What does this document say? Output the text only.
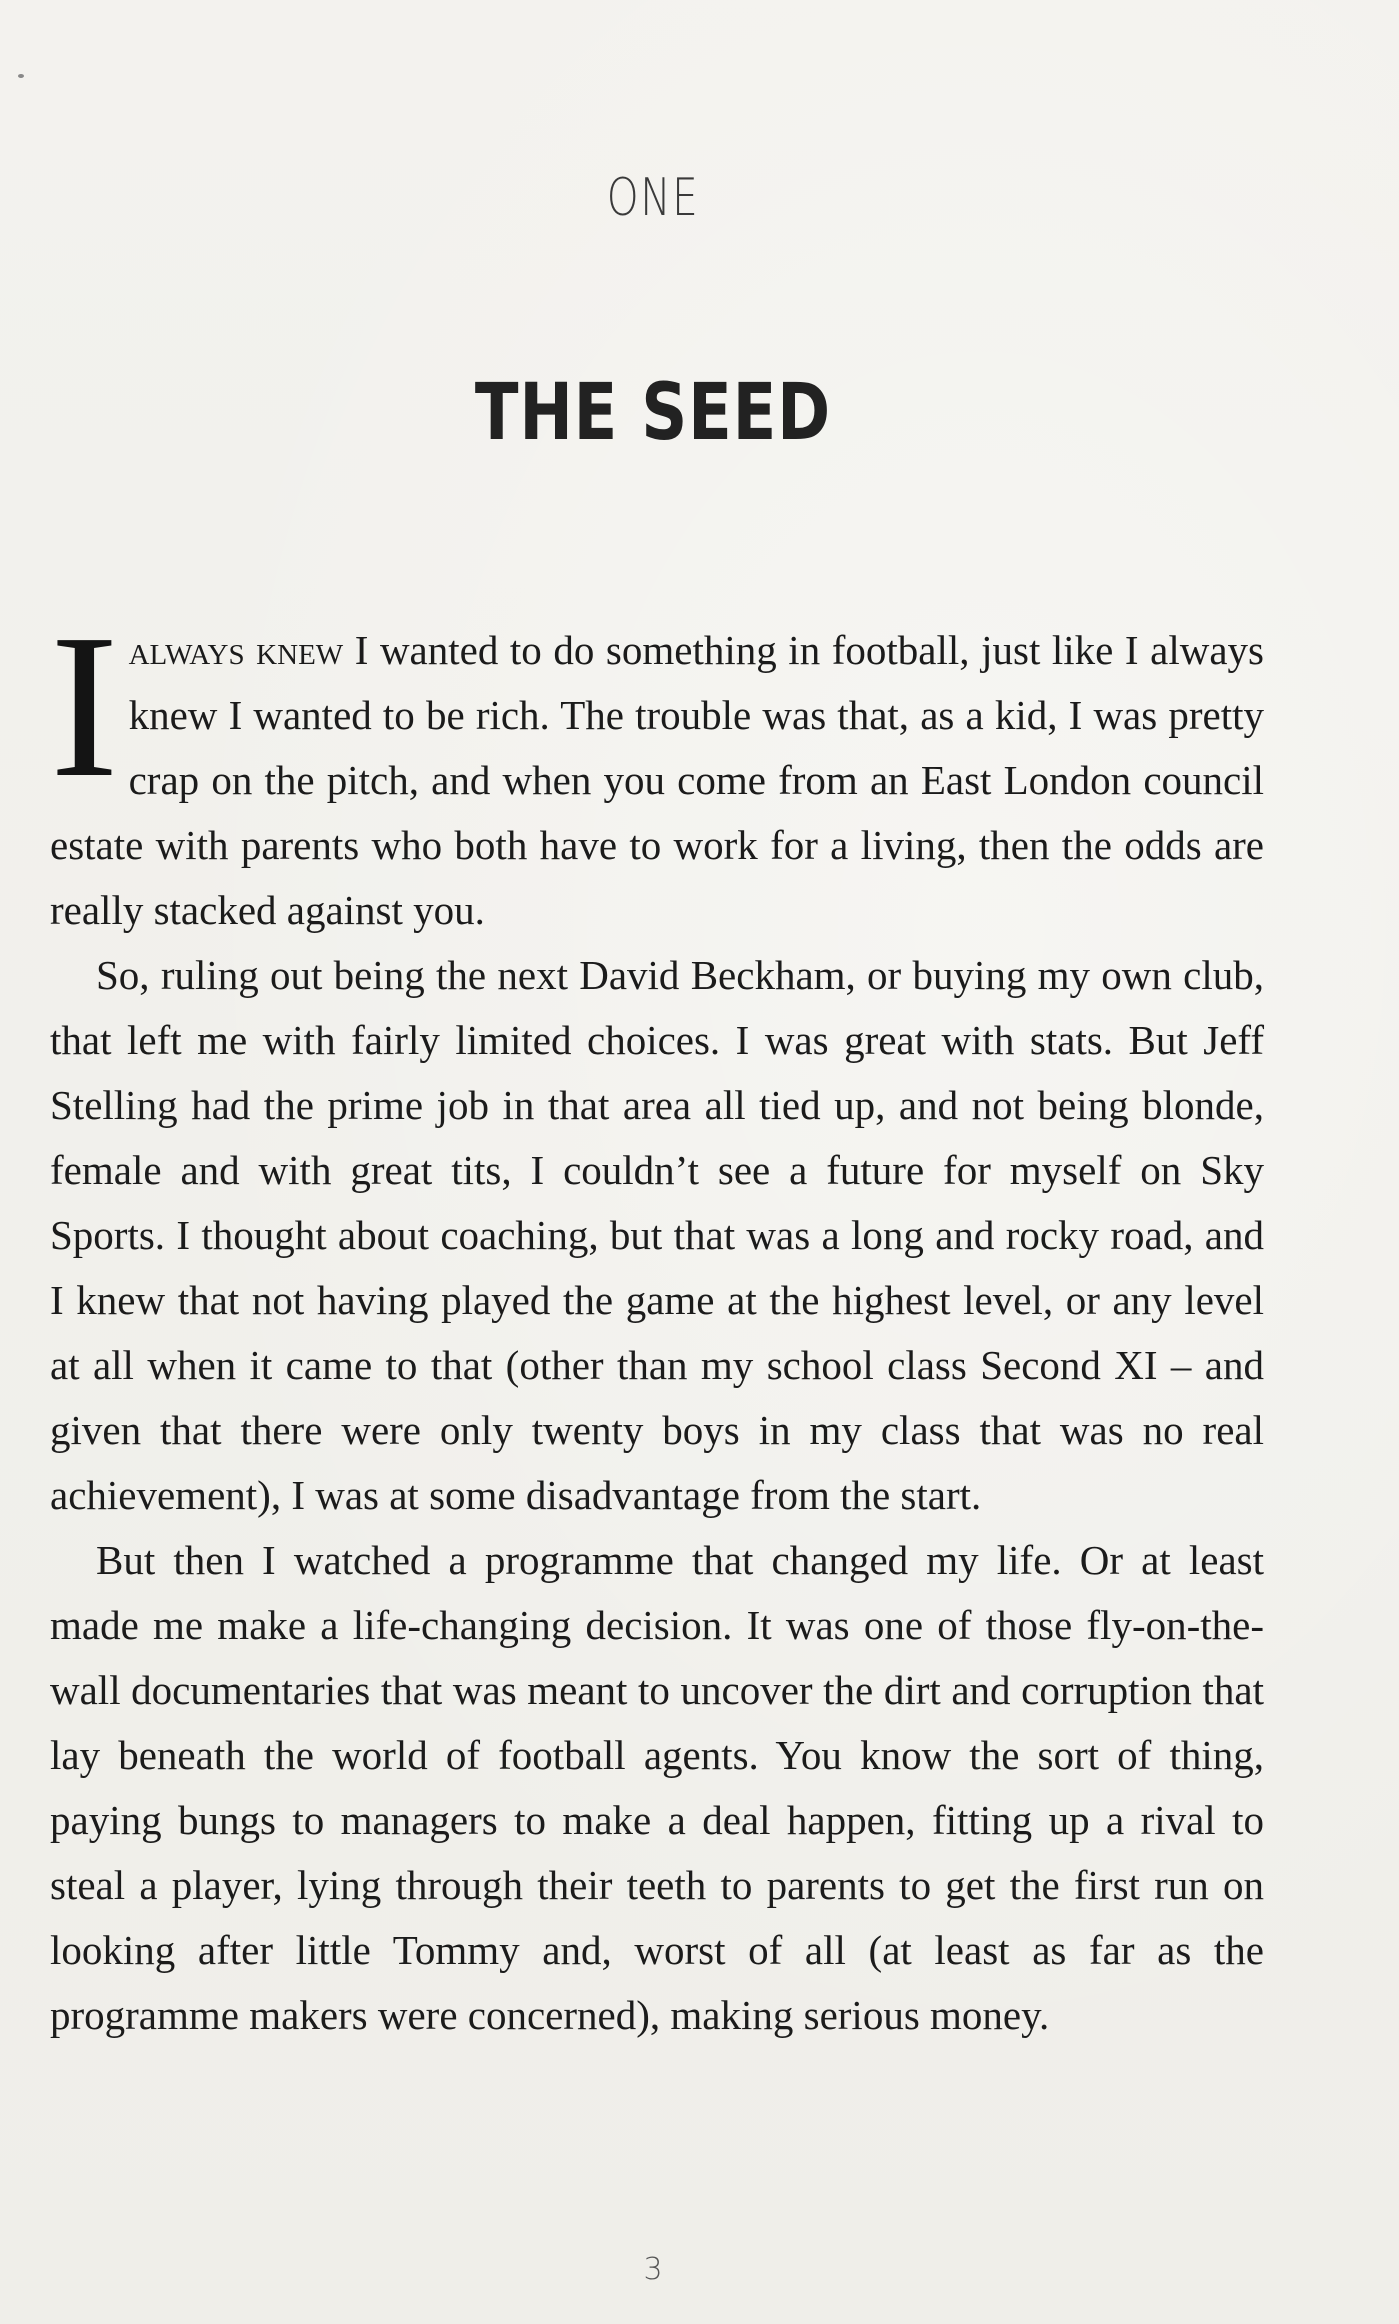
ONE
THE SEED

Ialways knew I wanted to do something in football, just like I always knew I wanted to be rich. The trouble was that, as a kid, I was pretty crap on the pitch, and when you come from an East London council estate with parents who both have to work for a living, then the odds are really stacked against you.

So, ruling out being the next David Beckham, or buying my own club, that left me with fairly limited choices. I was great with stats. But Jeff Stelling had the prime job in that area all tied up, and not being blonde, female and with great tits, I couldn’t see a future for myself on Sky Sports. I thought about coaching, but that was a long and rocky road, and I knew that not having played the game at the highest level, or any level at all when it came to that (other than my school class Second XI – and given that there were only twenty boys in my class that was no real achievement), I was at some disadvantage from the start.

But then I watched a programme that changed my life. Or at least made me make a life-changing decision. It was one of those fly-on-the-wall documentaries that was meant to uncover the dirt and corruption that lay beneath the world of football agents. You know the sort of thing, paying bungs to managers to make a deal happen, fitting up a rival to steal a player, lying through their teeth to parents to get the first run on looking after little Tommy and, worst of all (at least as far as the programme makers were concerned), making serious money.

3
